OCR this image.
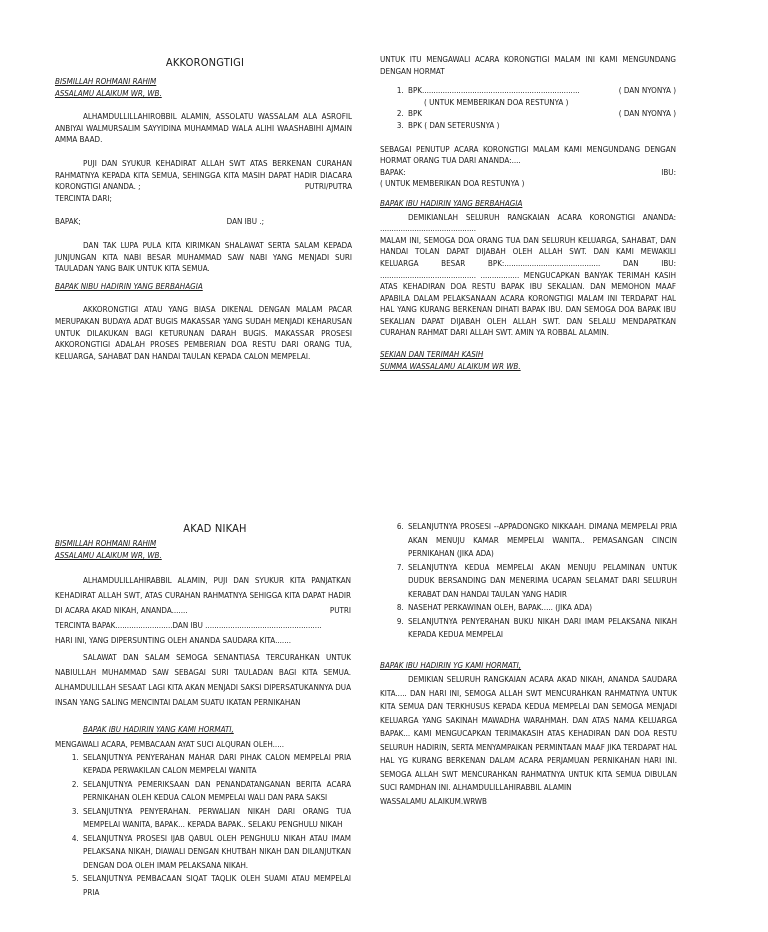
AKKORONGTIGI

BISMILLAH ROHMANI RAHIM

ASSALAMU ALAIKUM WR, WB.

ALHAMDULLILLAHIROBBIL ALAMIN, ASSOLATU WASSALAM ALA ASROFIL ANBIYAI WALMURSALIM SAYYIDINA MUHAMMAD WALA ALIHI WAASHABIHI AJMAIN AMMA BAAD.

PUJI DAN SYUKUR KEHADIRAT ALLAH SWT ATAS BERKENAN CURAHAN RAHMATNYA KEPADA KITA SEMUA, SEHINGGA KITA MASIH DAPAT HADIR DIACARA KORONGTIGI ANANDA. ;

TERCINTA DARI;
PUTRI/PUTRA
BAPAK;	DAN IBU .;

DAN TAK LUPA PULA KITA KIRIMKAN SHALAWAT SERTA SALAM KEPADA JUNJUNGAN KITA NABI BESAR MUHAMMAD SAW NABI YANG MENJADI SURI TAULADAN YANG BAIK UNTUK KITA SEMUA.

BAPAK NIBU HADIRIN YANG BERBAHAGIA

AKKORONGTIGI ATAU YANG BIASA DIKENAL DENGAN MALAM PACAR MERUPAKAN BUDAYA ADAT BUGIS MAKASSAR YANG SUDAH MENJADI KEHARUSAN UNTUK DILAKUKAN BAGI KETURUNAN DARAH BUGIS. MAKASSAR PROSESI AKKORONGTIGI ADALAH PROSES PEMBERIAN DOA RESTU DARI ORANG TUA, KELUARGA, SAHABAT DAN HANDAI TAULAN KEPADA CALON MEMPELAI.

UNTUK ITU MENGAWALI ACARA KORONGTIGI MALAM INI KAMI MENGUNDANG DENGAN HORMAT

1. BPK.....................................................................	( DAN NYONYA )
( UNTUK MEMBERIKAN DOA RESTUNYA )
2. BPK	( DAN NYONYA )
3. BPK ( DAN SETERUSNYA )

SEBAGAI PENUTUP ACARA KORONGTIGI MALAM KAMI MENGUNDANG DENGAN HORMAT ORANG TUA DARI ANANDA:....

BAPAK:	IBU:

( UNTUK MEMBERIKAN DOA RESTUNYA )

BAPAK IBU HADIRIN YANG BERBAHAGIA

DEMIKIANLAH SELURUH RANGKAIAN ACARA KORONGTIGI ANANDA: ..........................................

MALAM INI, SEMOGA DOA ORANG TUA DAN SELURUH KELUARGA, SAHABAT, DAN HANDAI TOLAN DAPAT DIJABAH OLEH ALLAH SWT. DAN KAMI MEWAKILI KELUARGA BESAR BPK:.......................................... DAN IBU: .......................................... ................. MENGUCAPKAN BANYAK TERIMAH KASIH ATAS KEHADIRAN DOA RESTU BAPAK IBU SEKALIAN. DAN MEMOHON MAAF APABILA DALAM PELAKSANAAN ACARA KORONGTIGI MALAM INI TERDAPAT HAL HAL YANG KURANG BERKENAN DIHATI BAPAK IBU. DAN SEMOGA DOA BAPAK IBU SEKALIAN DAPAT DIJABAH OLEH ALLAH SWT. DAN SELALU MENDAPATKAN CURAHAN RAHMAT DARI ALLAH SWT. AMIN YA ROBBAL ALAMIN.

SEKIAN DAN TERIMAH KASIH

SUMMA WASSALAMU ALAIKUM WR WB.

AKAD NIKAH

BISMILLAH ROHMANI RAHIM

ASSALAMU ALAIKUM WR, WB.

ALHAMDULILLAHIRABBIL ALAMIN, PUJI DAN SYUKUR KITA PANJATKAN KEHADIRAT ALLAH SWT, ATAS CURAHAN RAHMATNYA SEHIGGA KITA DAPAT HADIR DI ACARA AKAD NIKAH, ANANDA.......	PUTRI

TERCINTA BAPAK.........................DAN IBU ...................................................

HARI INI, YANG DIPERSUNTING OLEH ANANDA SAUDARA KITA.......

SALAWAT DAN SALAM SEMOGA SENANTIASA TERCURAHKAN UNTUK NABIULLAH MUHAMMAD SAW SEBAGAI SURI TAULADAN BAGI KITA SEMUA. ALHAMDULILLAH SESAAT LAGI KITA AKAN MENJADI SAKSI DIPERSATUKANNYA DUA INSAN YANG SALING MENCINTAI DALAM SUATU IKATAN PERNIKAHAN

BAPAK IBU HADIRIN YANG KAMI HORMATI,

MENGAWALI ACARA, PEMBACAAN AYAT SUCI ALQURAN OLEH.....

1. SELANJUTNYA PENYERAHAN MAHAR DARI PIHAK CALON MEMPELAI PRIA KEPADA PERWAKILAN CALON MEMPELAI WANITA
2. SELANJUTNYA PEMERIKSAAN DAN PENANDATANGANAN BERITA ACARA PERNIKAHAN OLEH KEDUA CALON MEMPELAI WALI DAN PARA SAKSI
3. SELANJUTNYA PENYERAHAN. PERWALIAN NIKAH DARI ORANG TUA MEMPELAI WANITA, BAPAK... KEPADA BAPAK.. SELAKU PENGHULU NIKAH
4. SELANJUTNYA PROSESI IJAB QABUL OLEH PENGHULU NIKAH ATAU IMAM PELAKSANA NIKAH, DIAWALI DENGAN KHUTBAH NIKAH DAN DILANJUTKAN DENGAN DOA OLEH IMAM PELAKSANA NIKAH.
5. SELANJUTNYA PEMBACAAN SIQAT TAQLIK OLEH SUAMI ATAU MEMPELAI PRIA
6. SELANJUTNYA PROSESI --APPADONGKO NIKKAAH. DIMANA MEMPELAI PRIA AKAN MENUJU KAMAR MEMPELAI WANITA.. PEMASANGAN CINCIN PERNIKAHAN (JIKA ADA)
7. SELANJUTNYA KEDUA MEMPELAI AKAN MENUJU PELAMINAN UNTUK DUDUK BERSANDING DAN MENERIMA UCAPAN SELAMAT DARI SELURUH KERABAT DAN HANDAI TAULAN YANG HADIR
8. NASEHAT PERKAWINAN OLEH, BAPAK..... (JIKA ADA)
9. SELANJUTNYA PENYERAHAN BUKU NIKAH DARI IMAM PELAKSANA NIKAH KEPADA KEDUA MEMPELAI

BAPAK IBU HADIRIN YG KAMI HORMATI,

DEMIKIAN SELURUH RANGKAIAN ACARA AKAD NIKAH, ANANDA SAUDARA KITA..... DAN HARI INI, SEMOGA ALLAH SWT MENCURAHKAN RAHMATNYA UNTUK KITA SEMUA DAN TERKHUSUS KEPADA KEDUA MEMPELAI DAN SEMOGA MENJADI KELUARGA YANG SAKINAH MAWADHA WARAHMAH. DAN ATAS NAMA KELUARGA BAPAK... KAMI MENGUCAPKAN TERIMAKASIH ATAS KEHADIRAN DAN DOA RESTU SELURUH HADIRIN, SERTA MENYAMPAIKAN PERMINTAAN MAAF JIKA TERDAPAT HAL HAL YG KURANG BERKENAN DALAM ACARA PERJAMUAN PERNIKAHAN HARI INI. SEMOGA ALLAH SWT MENCURAHKAN RAHMATNYA UNTUK KITA SEMUA DIBULAN SUCI RAMDHAN INI. ALHAMDULILLAHIRABBIL ALAMIN

WASSALAMU ALAIKUM.WRWB
